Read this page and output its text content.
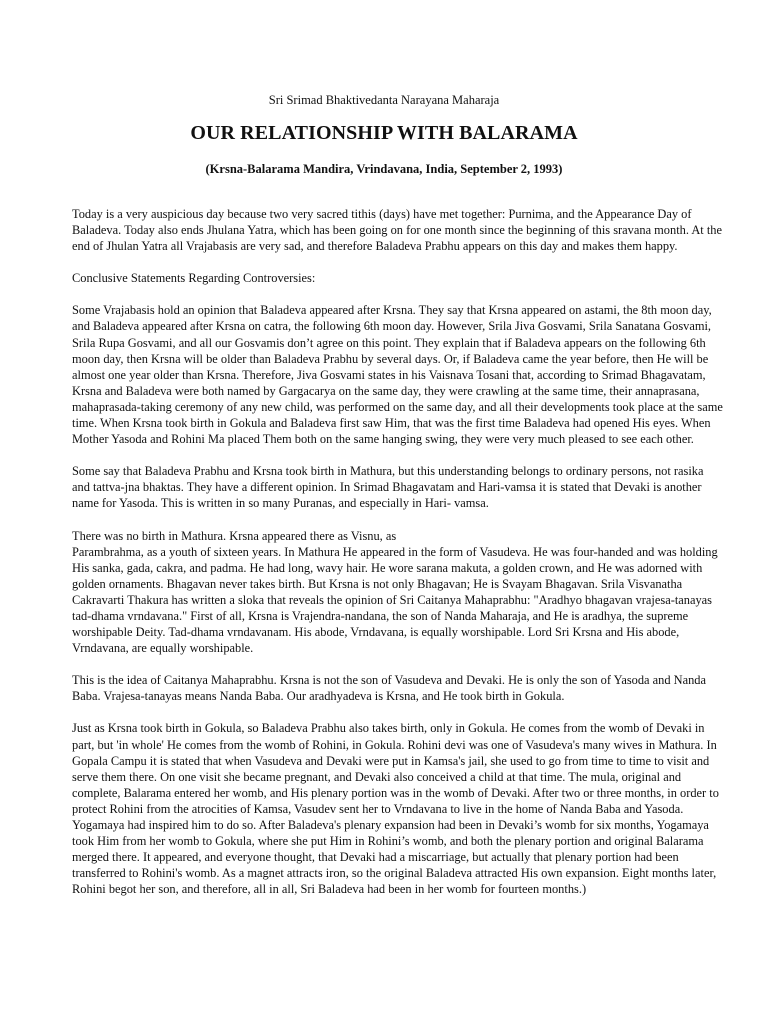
Sri Srimad Bhaktivedanta Narayana Maharaja
OUR RELATIONSHIP WITH BALARAMA
(Krsna-Balarama Mandira, Vrindavana, India, September 2, 1993)

Today is a very auspicious day because two very sacred tithis (days) have met together: Purnima, and the Appearance Day of Baladeva. Today also ends Jhulana Yatra, which has been going on for one month since the beginning of this sravana month. At the end of Jhulan Yatra all Vrajabasis are very sad, and therefore Baladeva Prabhu appears on this day and makes them happy.

Conclusive Statements Regarding Controversies:

Some Vrajabasis hold an opinion that Baladeva appeared after Krsna. They say that Krsna appeared on astami, the 8th moon day, and Baladeva appeared after Krsna on catra, the following 6th moon day. However, Srila Jiva Gosvami, Srila Sanatana Gosvami, Srila Rupa Gosvami, and all our Gosvamis don’t agree on this point. They explain that if Baladeva appears on the following 6th moon day, then Krsna will be older than Baladeva Prabhu by several days. Or, if Baladeva came the year before, then He will be almost one year older than Krsna. Therefore, Jiva Gosvami states in his Vaisnava Tosani that, according to Srimad Bhagavatam, Krsna and Baladeva were both named by Gargacarya on the same day, they were crawling at the same time, their annaprasana, mahaprasada-taking ceremony of any new child, was performed on the same day, and all their developments took place at the same time. When Krsna took birth in Gokula and Baladeva first saw Him, that was the first time Baladeva had opened His eyes. When Mother Yasoda and Rohini Ma placed Them both on the same hanging swing, they were very much pleased to see each other.

Some say that Baladeva Prabhu and Krsna took birth in Mathura, but this understanding belongs to ordinary persons, not rasika and tattva-jna bhaktas. They have a different opinion. In Srimad Bhagavatam and Hari-vamsa it is stated that Devaki is another name for Yasoda. This is written in so many Puranas, and especially in Hari- vamsa.

There was no birth in Mathura. Krsna appeared there as Visnu, as
Parambrahma, as a youth of sixteen years. In Mathura He appeared in the form of Vasudeva. He was four-handed and was holding His sanka, gada, cakra, and padma. He had long, wavy hair. He wore sarana makuta, a golden crown, and He was adorned with golden ornaments. Bhagavan never takes birth. But Krsna is not only Bhagavan; He is Svayam Bhagavan. Srila Visvanatha Cakravarti Thakura has written a sloka that reveals the opinion of Sri Caitanya Mahaprabhu: "Aradhyo bhagavan vrajesa-tanayas tad-dhama vrndavana." First of all, Krsna is Vrajendra-nandana, the son of Nanda Maharaja, and He is aradhya, the supreme worshipable Deity. Tad-dhama vrndavanam. His abode, Vrndavana, is equally worshipable. Lord Sri Krsna and His abode, Vrndavana, are equally worshipable.

This is the idea of Caitanya Mahaprabhu. Krsna is not the son of Vasudeva and Devaki. He is only the son of Yasoda and Nanda Baba. Vrajesa-tanayas means Nanda Baba. Our aradhyadeva is Krsna, and He took birth in Gokula.

Just as Krsna took birth in Gokula, so Baladeva Prabhu also takes birth, only in Gokula. He comes from the womb of Devaki in part, but 'in whole' He comes from the womb of Rohini, in Gokula. Rohini devi was one of Vasudeva's many wives in Mathura. In Gopala Campu it is stated that when Vasudeva and Devaki were put in Kamsa's jail, she used to go from time to time to visit and serve them there. On one visit she became pregnant, and Devaki also conceived a child at that time. The mula, original and complete, Balarama entered her womb, and His plenary portion was in the womb of Devaki. After two or three months, in order to protect Rohini from the atrocities of Kamsa, Vasudev sent her to Vrndavana to live in the home of Nanda Baba and Yasoda. Yogamaya had inspired him to do so. After Baladeva's plenary expansion had been in Devaki’s womb for six months, Yogamaya took Him from her womb to Gokula, where she put Him in Rohini’s womb, and both the plenary portion and original Balarama merged there. It appeared, and everyone thought, that Devaki had a miscarriage, but actually that plenary portion had been transferred to Rohini's womb. As a magnet attracts iron, so the original Baladeva attracted His own expansion. Eight months later, Rohini begot her son, and therefore, all in all, Sri Baladeva had been in her womb for fourteen months.)
